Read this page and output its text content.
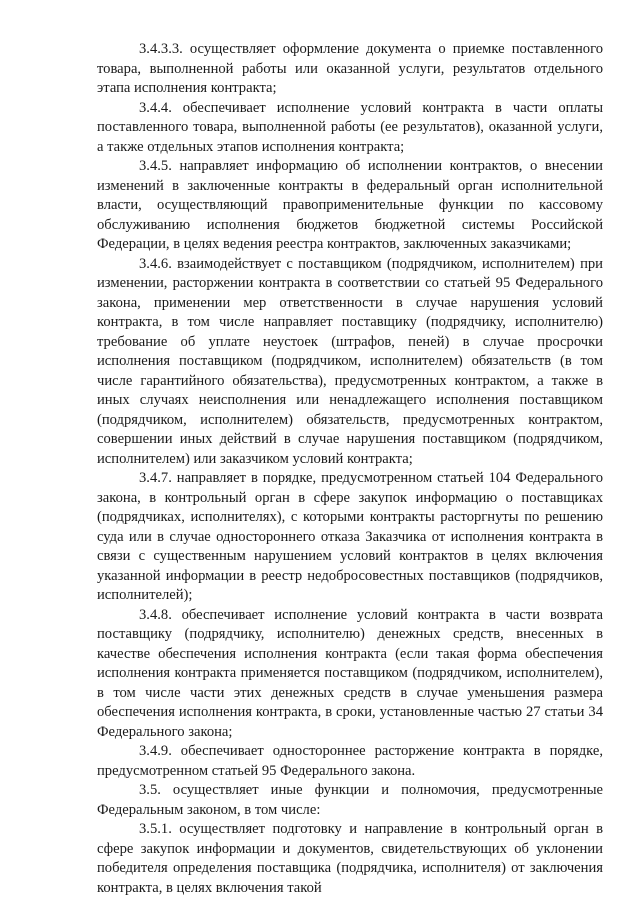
3.4.3.3. осуществляет оформление документа о приемке поставленного товара, выполненной работы или оказанной услуги, результатов отдельного этапа исполнения контракта;

3.4.4. обеспечивает исполнение условий контракта в части оплаты поставленного товара, выполненной работы (ее результатов), оказанной услуги, а также отдельных этапов исполнения контракта;

3.4.5. направляет информацию об исполнении контрактов, о внесении изменений в заключенные контракты в федеральный орган исполнительной власти, осуществляющий правоприменительные функции по кассовому обслуживанию исполнения бюджетов бюджетной системы Российской Федерации, в целях ведения реестра контрактов, заключенных заказчиками;

3.4.6. взаимодействует с поставщиком (подрядчиком, исполнителем) при изменении, расторжении контракта в соответствии со статьей 95 Федерального закона, применении мер ответственности в случае нарушения условий контракта, в том числе направляет поставщику (подрядчику, исполнителю) требование об уплате неустоек (штрафов, пеней) в случае просрочки исполнения поставщиком (подрядчиком, исполнителем) обязательств (в том числе гарантийного обязательства), предусмотренных контрактом, а также в иных случаях неисполнения или ненадлежащего исполнения поставщиком (подрядчиком, исполнителем) обязательств, предусмотренных контрактом, совершении иных действий в случае нарушения поставщиком (подрядчиком, исполнителем) или заказчиком условий контракта;

3.4.7. направляет в порядке, предусмотренном статьей 104 Федерального закона, в контрольный орган в сфере закупок информацию о поставщиках (подрядчиках, исполнителях), с которыми контракты расторгнуты по решению суда или в случае одностороннего отказа Заказчика от исполнения контракта в связи с существенным нарушением условий контрактов в целях включения указанной информации в реестр недобросовестных поставщиков (подрядчиков, исполнителей);

3.4.8. обеспечивает исполнение условий контракта в части возврата поставщику (подрядчику, исполнителю) денежных средств, внесенных в качестве обеспечения исполнения контракта (если такая форма обеспечения исполнения контракта применяется поставщиком (подрядчиком, исполнителем), в том числе части этих денежных средств в случае уменьшения размера обеспечения исполнения контракта, в сроки, установленные частью 27 статьи 34 Федерального закона;

3.4.9. обеспечивает одностороннее расторжение контракта в порядке, предусмотренном статьей 95 Федерального закона.

3.5. осуществляет иные функции и полномочия, предусмотренные Федеральным законом, в том числе:

3.5.1. осуществляет подготовку и направление в контрольный орган в сфере закупок информации и документов, свидетельствующих об уклонении победителя определения поставщика (подрядчика, исполнителя) от заключения контракта, в целях включения такой
